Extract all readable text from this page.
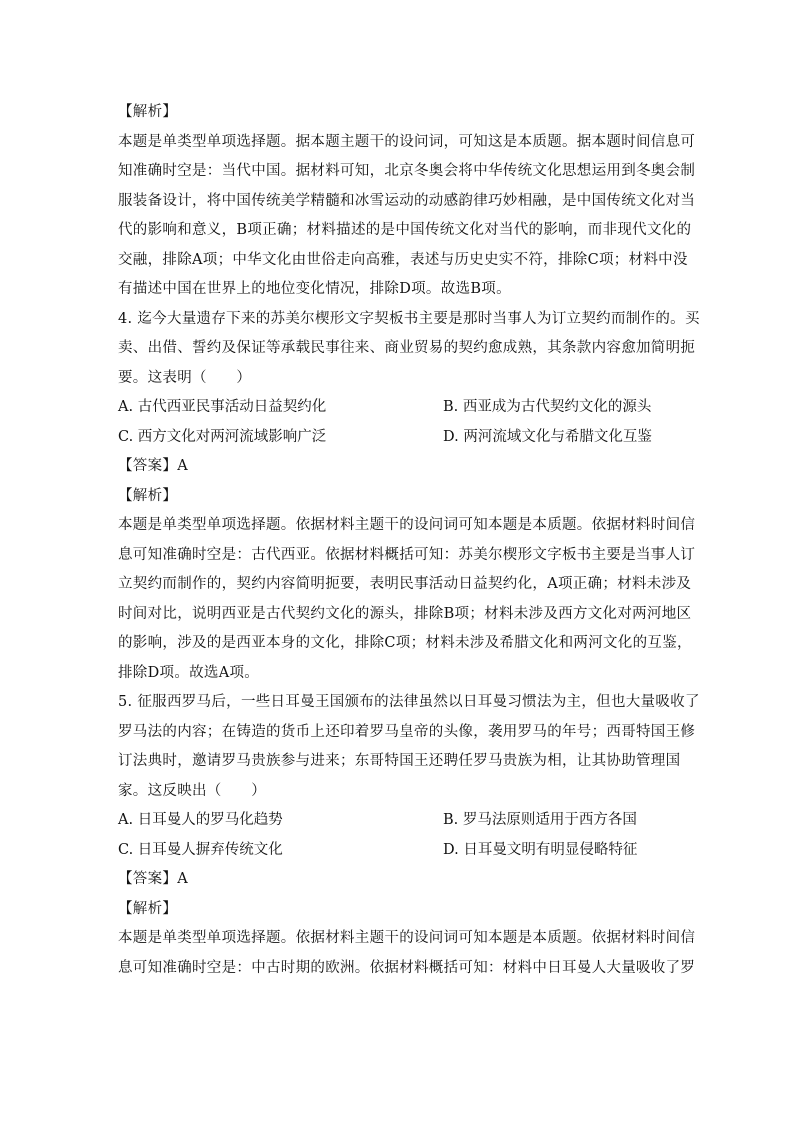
【解析】
本题是单类型单项选择题。据本题主题干的设问词，可知这是本质题。据本题时间信息可
知准确时空是：当代中国。据材料可知，北京冬奥会将中华传统文化思想运用到冬奥会制
服装备设计，将中国传统美学精髓和冰雪运动的动感韵律巧妙相融，是中国传统文化对当
代的影响和意义，B项正确；材料描述的是中国传统文化对当代的影响，而非现代文化的
交融，排除A项；中华文化由世俗走向高雅，表述与历史史实不符，排除C项；材料中没
有描述中国在世界上的地位变化情况，排除D项。故选B项。
4. 迄今大量遗存下来的苏美尔楔形文字契板书主要是那时当事人为订立契约而制作的。买
卖、出借、誓约及保证等承载民事往来、商业贸易的契约愈成熟，其条款内容愈加简明扼
要。这表明（　　）
A. 古代西亚民事活动日益契约化	B. 西亚成为古代契约文化的源头
C. 西方文化对两河流域影响广泛	D. 两河流域文化与希腊文化互鉴
【答案】A
【解析】
本题是单类型单项选择题。依据材料主题干的设问词可知本题是本质题。依据材料时间信
息可知准确时空是：古代西亚。依据材料概括可知：苏美尔楔形文字板书主要是当事人订
立契约而制作的，契约内容简明扼要，表明民事活动日益契约化，A项正确；材料未涉及
时间对比，说明西亚是古代契约文化的源头，排除B项；材料未涉及西方文化对两河地区
的影响，涉及的是西亚本身的文化，排除C项；材料未涉及希腊文化和两河文化的互鉴，
排除D项。故选A项。
5. 征服西罗马后，一些日耳曼王国颁布的法律虽然以日耳曼习惯法为主，但也大量吸收了
罗马法的内容；在铸造的货币上还印着罗马皇帝的头像，袭用罗马的年号；西哥特国王修
订法典时，邀请罗马贵族参与进来；东哥特国王还聘任罗马贵族为相，让其协助管理国
家。这反映出（　　）
A. 日耳曼人的罗马化趋势	B. 罗马法原则适用于西方各国
C. 日耳曼人摒弃传统文化	D. 日耳曼文明有明显侵略特征
【答案】A
【解析】
本题是单类型单项选择题。依据材料主题干的设问词可知本题是本质题。依据材料时间信
息可知准确时空是：中古时期的欧洲。依据材料概括可知：材料中日耳曼人大量吸收了罗
